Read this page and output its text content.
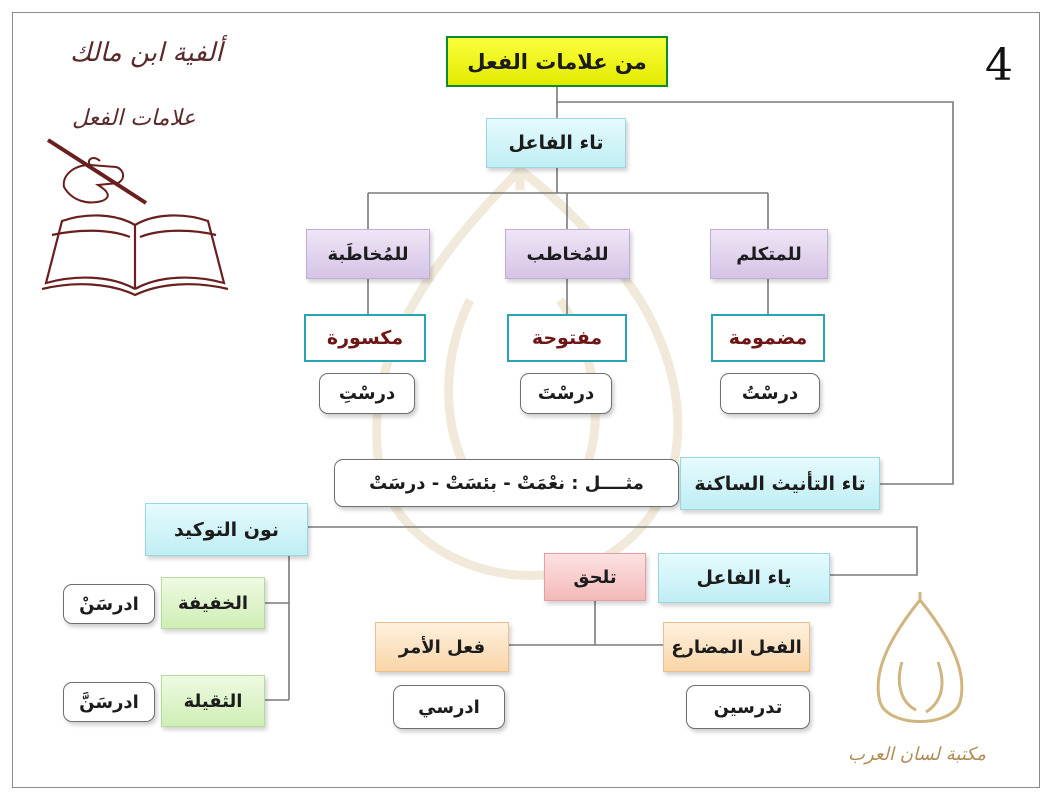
ألفية ابن مالك
علامات الفعل
4
من علامات الفعل
تاء الفاعل
للمتكلم
للمُخاطب
للمُخاطَبة
مضمومة
مفتوحة
مكسورة
درسْتُ
درسْتَ
درسْتِ
مثــــل : نعْمَتْ - بئسَتْ - درسَتْ	تاء التأنيث الساكنة
نون التوكيد
الخفيفة
ادرسَنْ
الثقيلة
ادرسَنَّ
ياء الفاعل
تلحق
الفعل المضارع
فعل الأمر
تدرسين
ادرسي
مكتبة لسان العرب
